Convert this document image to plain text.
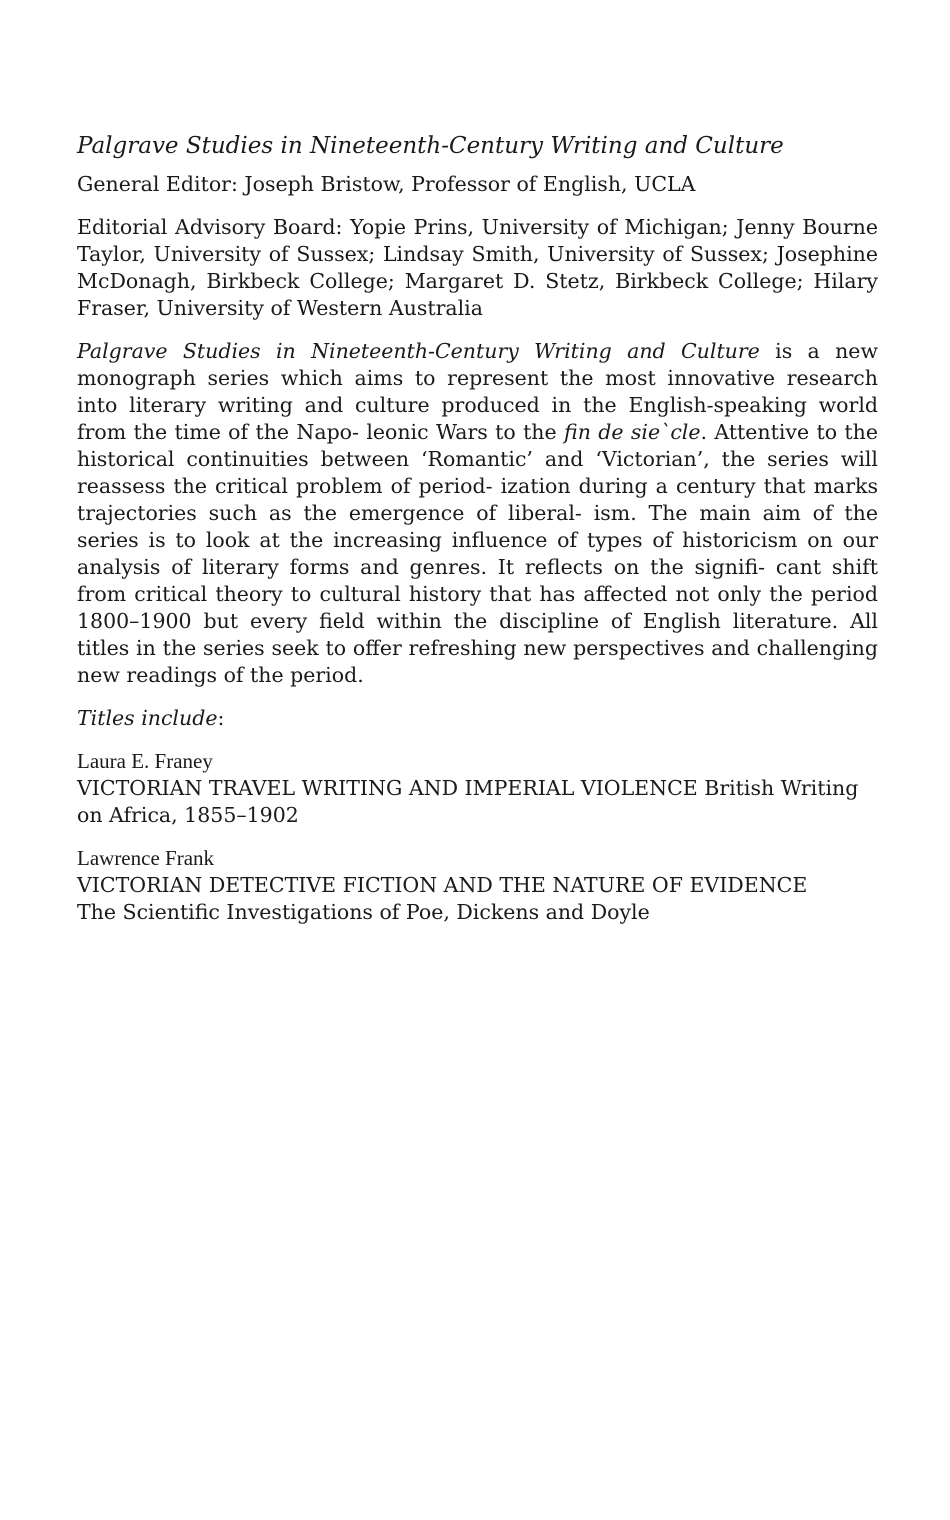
Palgrave Studies in Nineteenth-Century Writing and Culture

General Editor: Joseph Bristow, Professor of English, UCLA

Editorial Advisory Board: Yopie Prins, University of Michigan; Jenny Bourne Taylor, University of Sussex; Lindsay Smith, University of Sussex; Josephine McDonagh, Birkbeck College; Margaret D. Stetz, Birkbeck College; Hilary Fraser, University of Western Australia

Palgrave Studies in Nineteenth-Century Writing and Culture is a new monograph series which aims to represent the most innovative research into literary writing and culture produced in the English-speaking world from the time of the Napo- leonic Wars to the fin de sie`cle. Attentive to the historical continuities between ‘Romantic’ and ‘Victorian’, the series will reassess the critical problem of period- ization during a century that marks trajectories such as the emergence of liberal- ism. The main aim of the series is to look at the increasing influence of types of historicism on our analysis of literary forms and genres. It reflects on the signifi- cant shift from critical theory to cultural history that has affected not only the period 1800–1900 but every field within the discipline of English literature. All titles in the series seek to offer refreshing new perspectives and challenging new readings of the period.

Titles include:

Laura E. Franey
VICTORIAN TRAVEL WRITING AND IMPERIAL VIOLENCE British Writing on Africa, 1855–1902
Lawrence Frank
VICTORIAN DETECTIVE FICTION AND THE NATURE OF EVIDENCE
The Scientific Investigations of Poe, Dickens and Doyle
